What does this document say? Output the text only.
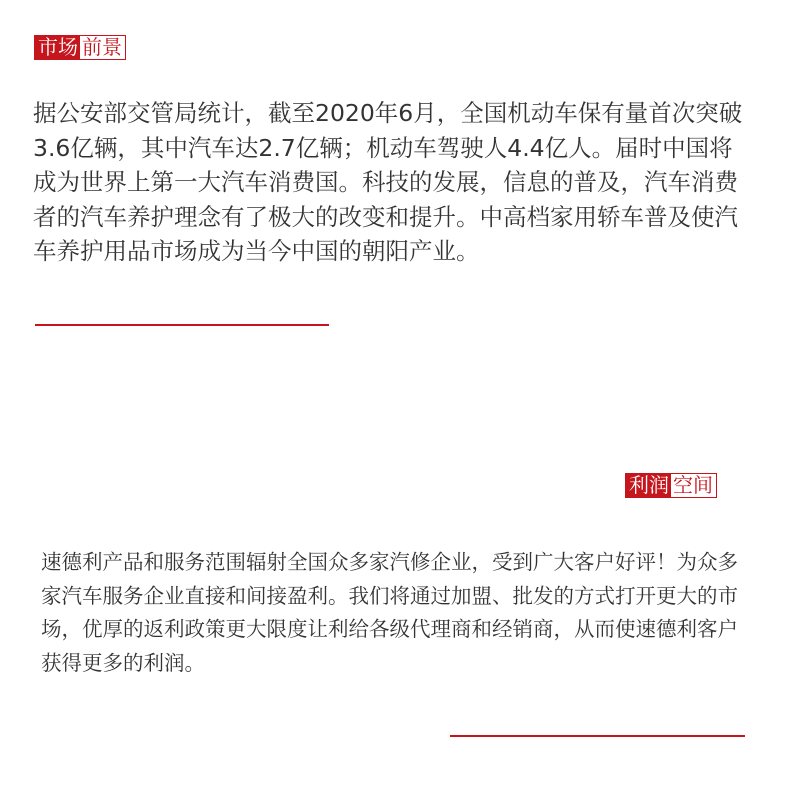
市场 前景

据公安部交管局统计，截至2020年6月，全国机动车保有量首次突破3.6亿辆，其中汽车达2.7亿辆；机动车驾驶人4.4亿人。届时中国将成为世界上第一大汽车消费国。科技的发展，信息的普及，汽车消费者的汽车养护理念有了极大的改变和提升。中高档家用轿车普及使汽车养护用品市场成为当今中国的朝阳产业。

利润 空间

速德利产品和服务范围辐射全国众多家汽修企业，受到广大客户好评！为众多家汽车服务企业直接和间接盈利。我们将通过加盟、批发的方式打开更大的市场，优厚的返利政策更大限度让利给各级代理商和经销商，从而使速德利客户获得更多的利润。
